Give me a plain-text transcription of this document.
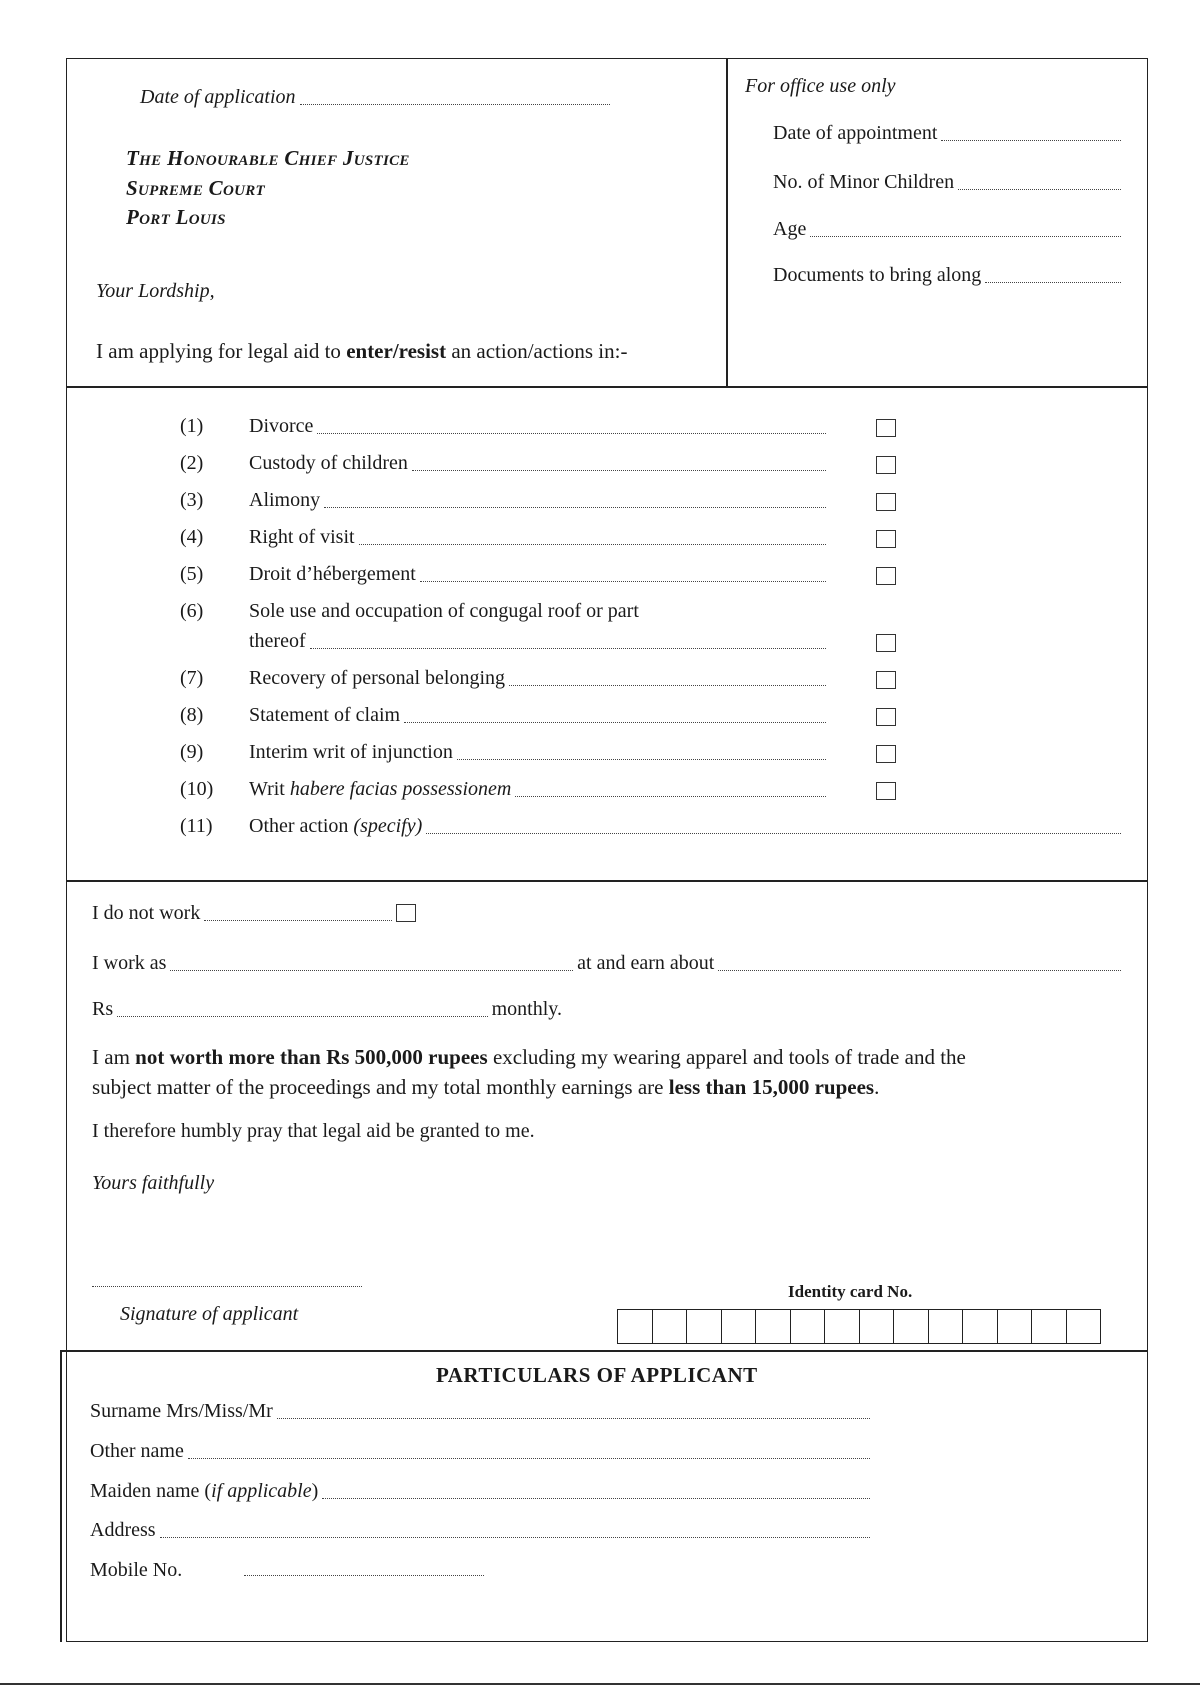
Date of application
The Honourable Chief Justice
Supreme Court
Port Louis
Your Lordship,
I am applying for legal aid to enter/resist an action/actions in:-
For office use only
Date of appointment
No. of Minor Children
Age
Documents to bring along
(1) Divorce
(2) Custody of children
(3) Alimony
(4) Right of visit
(5) Droit d’hébergement
(6) Sole use and occupation of congugal roof or part
thereof
(7) Recovery of personal belonging
(8) Statement of claim
(9) Interim writ of injunction
(10) Writ habere facias possessionem
(11) Other action (specify)
I do not work
I work as	at and earn about
Rs	monthly.
I am not worth more than Rs 500,000 rupees excluding my wearing apparel and tools of trade and the
subject matter of the proceedings and my total monthly earnings are less than 15,000 rupees.
I therefore humbly pray that legal aid be granted to me.
Yours faithfully
Signature of applicant
Identity card No.
PARTICULARS OF APPLICANT
Surname Mrs/Miss/Mr
Other name
Maiden name ( if applicable )
Address
Mobile No.
